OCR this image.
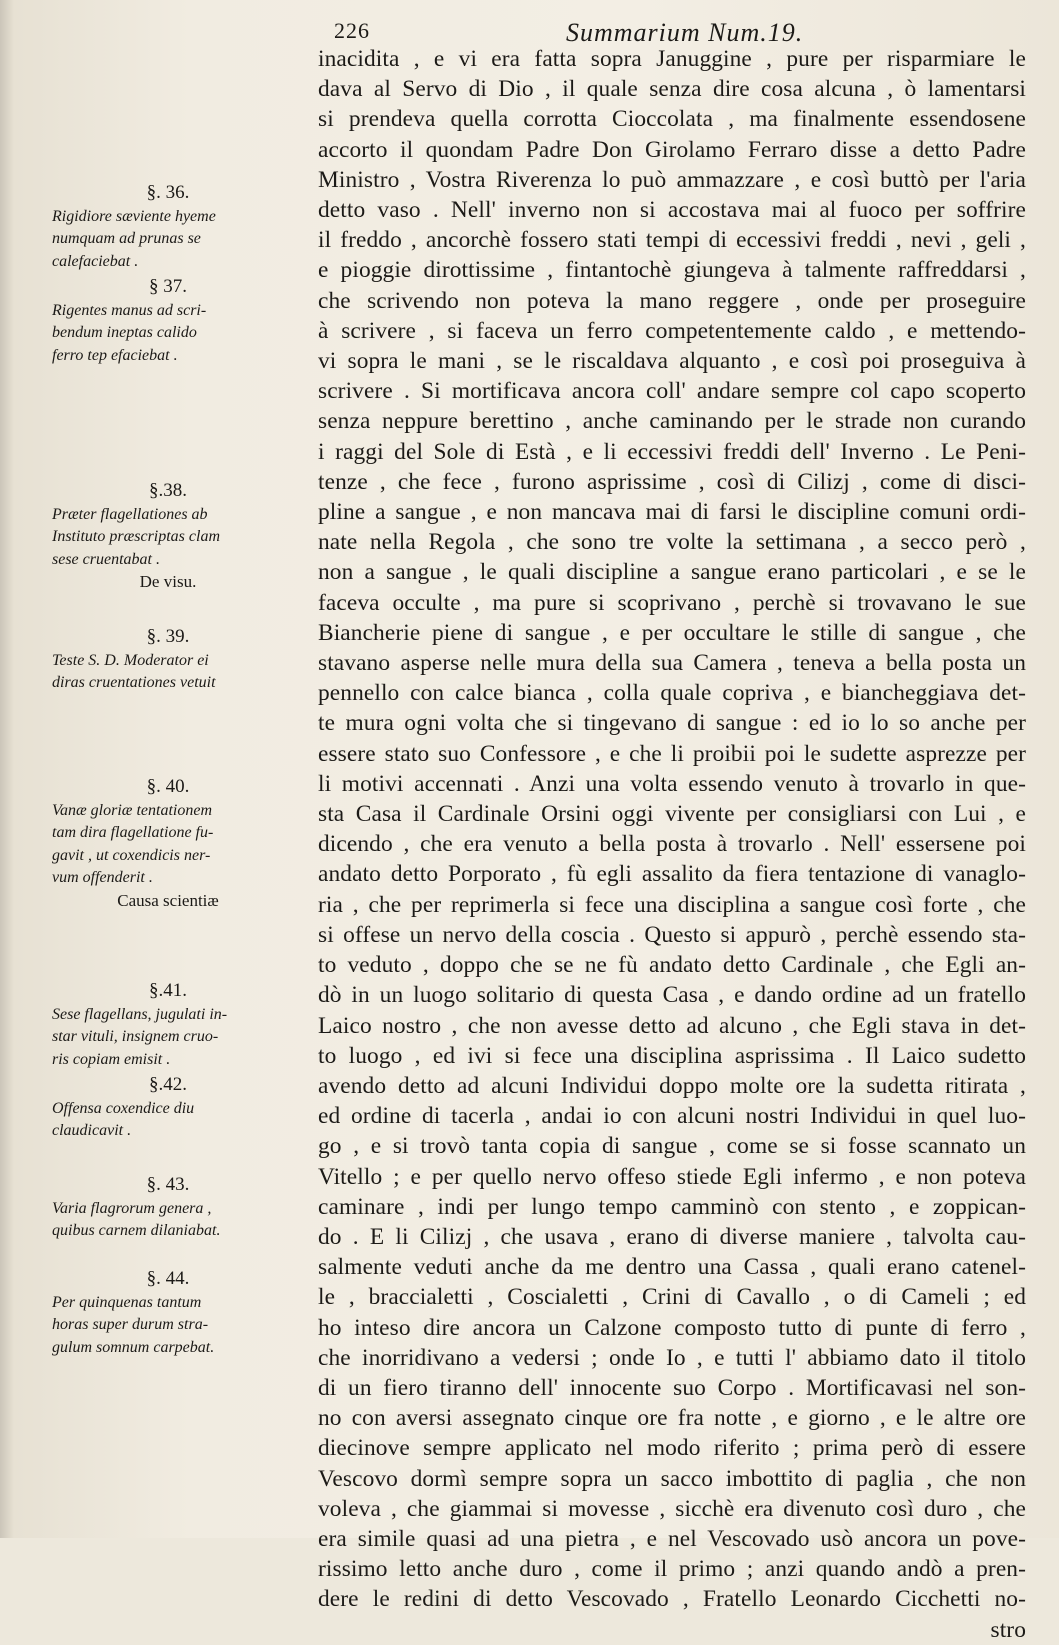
226	Summarium Num.19.
§. 36.
Rigidiore sæviente hyeme
numquam ad prunas se
calefaciebat .
§ 37.
Rigentes manus ad scri-
bendum ineptas calido
ferro tep efaciebat .
§.38.
Præter flagellationes ab
Instituto præscriptas clam
sese cruentabat .
De visu.
§. 39.
Teste S. D. Moderator ei
diras cruentationes vetuit
§. 40.
Vanæ gloriæ tentationem
tam dira flagellatione fu-
gavit , ut coxendicis ner-
vum offenderit .
Causa scientiæ
§.41.
Sese flagellans, jugulati in-
star vituli, insignem cruo-
ris copiam emisit .
§.42.
Offensa coxendice diu
claudicavit .
§. 43.
Varia flagrorum genera ,
quibus carnem dilaniabat.
§. 44.
Per quinquenas tantum
horas super durum stra-
gulum somnum carpebat.
inacidita , e vi era fatta sopra Januggine , pure per risparmiare le
dava al Servo di Dio , il quale senza dire cosa alcuna , ò lamentarsi
si prendeva quella corrotta Cioccolata , ma finalmente essendosene
accorto il quondam Padre Don Girolamo Ferraro disse a detto Padre
Ministro , Vostra Riverenza lo può ammazzare , e così buttò per l'aria
detto vaso . Nell' inverno non si accostava mai al fuoco per soffrire
il freddo , ancorchè fossero stati tempi di eccessivi freddi , nevi , geli ,
e pioggie dirottissime , fintantochè giungeva à talmente raffreddarsi ,
che scrivendo non poteva la mano reggere , onde per proseguire
à scrivere , si faceva un ferro competentemente caldo , e mettendo-
vi sopra le mani , se le riscaldava alquanto , e così poi proseguiva à
scrivere . Si mortificava ancora coll' andare sempre col capo scoperto
senza neppure berettino , anche caminando per le strade non curando
i raggi del Sole di Està , e li eccessivi freddi dell' Inverno . Le Peni-
tenze , che fece , furono asprissime , così di Cilizj , come di disci-
pline a sangue , e non mancava mai di farsi le discipline comuni ordi-
nate nella Regola , che sono tre volte la settimana , a secco però ,
non a sangue , le quali discipline a sangue erano particolari , e se le
faceva occulte , ma pure si scoprivano , perchè si trovavano le sue
Biancherie piene di sangue , e per occultare le stille di sangue , che
stavano asperse nelle mura della sua Camera , teneva a bella posta un
pennello con calce bianca , colla quale copriva , e biancheggiava det-
te mura ogni volta che si tingevano di sangue : ed io lo so anche per
essere stato suo Confessore , e che li proibii poi le sudette asprezze per
li motivi accennati . Anzi una volta essendo venuto à trovarlo in que-
sta Casa il Cardinale Orsini oggi vivente per consigliarsi con Lui , e
dicendo , che era venuto a bella posta à trovarlo . Nell' essersene poi
andato detto Porporato , fù egli assalito da fiera tentazione di vanaglo-
ria , che per reprimerla si fece una disciplina a sangue così forte , che
si offese un nervo della coscia . Questo si appurò , perchè essendo sta-
to veduto , doppo che se ne fù andato detto Cardinale , che Egli an-
dò in un luogo solitario di questa Casa , e dando ordine ad un fratello
Laico nostro , che non avesse detto ad alcuno , che Egli stava in det-
to luogo , ed ivi si fece una disciplina asprissima . Il Laico sudetto
avendo detto ad alcuni Individui doppo molte ore la sudetta ritirata ,
ed ordine di tacerla , andai io con alcuni nostri Individui in quel luo-
go , e si trovò tanta copia di sangue , come se si fosse scannato un
Vitello ; e per quello nervo offeso stiede Egli infermo , e non poteva
caminare , indi per lungo tempo camminò con stento , e zoppican-
do . E li Cilizj , che usava , erano di diverse maniere , talvolta cau-
salmente veduti anche da me dentro una Cassa , quali erano catenel-
le , braccialetti , Coscialetti , Crini di Cavallo , o di Cameli ; ed
ho inteso dire ancora un Calzone composto tutto di punte di ferro ,
che inorridivano a vedersi ; onde Io , e tutti l' abbiamo dato il titolo
di un fiero tiranno dell' innocente suo Corpo . Mortificavasi nel son-
no con aversi assegnato cinque ore fra notte , e giorno , e le altre ore
diecinove sempre applicato nel modo riferito ; prima però di essere
Vescovo dormì sempre sopra un sacco imbottito di paglia , che non
voleva , che giammai si movesse , sicchè era divenuto così duro , che
era simile quasi ad una pietra , e nel Vescovado usò ancora un pove-
rissimo letto anche duro , come il primo ; anzi quando andò a pren-
dere le redini di detto Vescovado , Fratello Leonardo Cicchetti no-
stro
